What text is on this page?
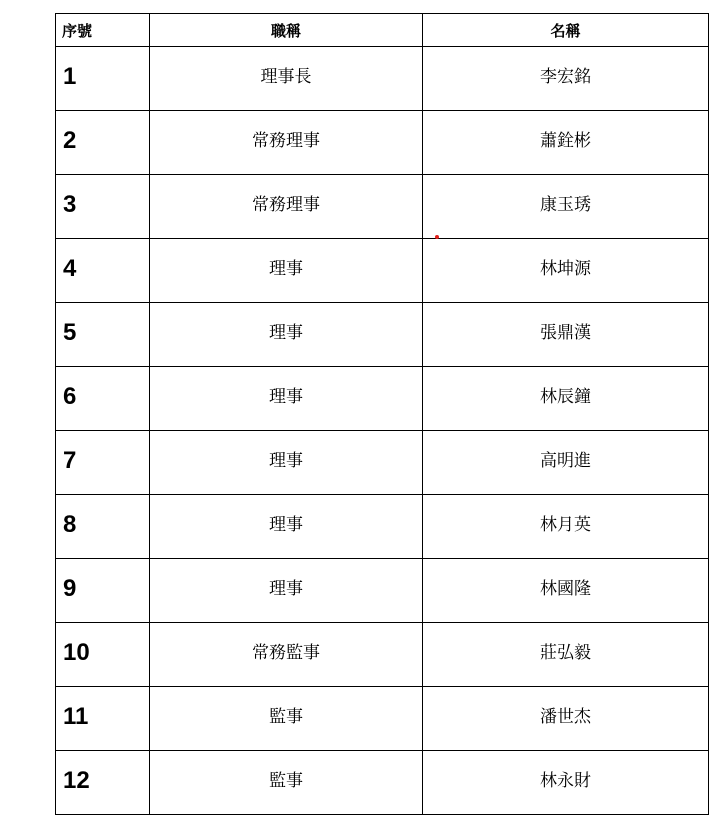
序號	職稱	名稱
1	理事長	李宏銘
2	常務理事	蕭銓彬
3	常務理事	康玉琇
4	理事	林坤源
5	理事	張鼎漢
6	理事	林辰鐘
7	理事	高明進
8	理事	林月英
9	理事	林國隆
10	常務監事	莊弘毅
11	監事	潘世杰
12	監事	林永財
